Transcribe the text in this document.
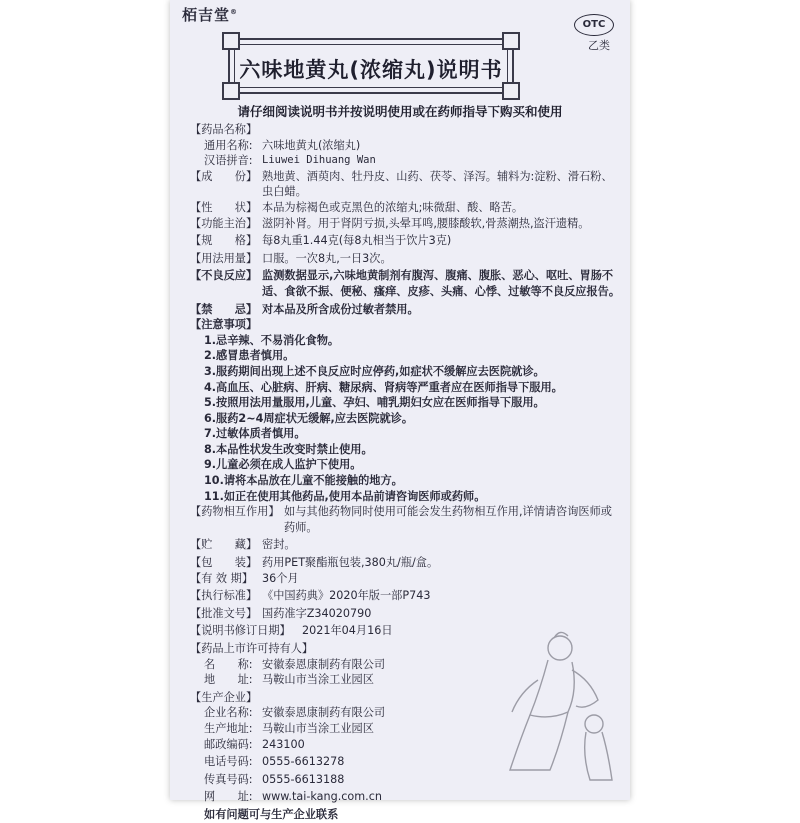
栢吉堂®
OTC
乙类
六味地黄丸(浓缩丸)说明书
请仔细阅读说明书并按说明使用或在药师指导下购买和使用
【药品名称】
通用名称: 六味地黄丸(浓缩丸)
汉语拼音: Liuwei Dihuang Wan
【成　　份】 熟地黄、酒萸肉、牡丹皮、山药、茯苓、泽泻。辅料为:淀粉、滑石粉、虫白蜡。
【性　　状】 本品为棕褐色或克黑色的浓缩丸;味微甜、酸、略苦。
【功能主治】 滋阴补肾。用于肾阴亏损,头晕耳鸣,腰膝酸软,骨蒸潮热,盗汗遗精。
【规　　格】 每8丸重1.44克(每8丸相当于饮片3克)
【用法用量】 口服。一次8丸,一日3次。
【不良反应】 监测数据显示,六味地黄制剂有腹泻、腹痛、腹胀、恶心、呕吐、胃肠不适、食欲不振、便秘、瘙痒、皮疹、头痛、心悸、过敏等不良反应报告。
【禁　　忌】 对本品及所含成份过敏者禁用。
【注意事项】
1.忌辛辣、不易消化食物。
2.感冒患者慎用。
3.服药期间出现上述不良反应时应停药,如症状不缓解应去医院就诊。
4.高血压、心脏病、肝病、糖尿病、肾病等严重者应在医师指导下服用。
5.按照用法用量服用,儿童、孕妇、哺乳期妇女应在医师指导下服用。
6.服药2~4周症状无缓解,应去医院就诊。
7.过敏体质者慎用。
8.本品性状发生改变时禁止使用。
9.儿童必须在成人监护下使用。
10.请将本品放在儿童不能接触的地方。
11.如正在使用其他药品,使用本品前请咨询医师或药师。
【药物相互作用】 如与其他药物同时使用可能会发生药物相互作用,详情请咨询医师或药师。
【贮　　藏】 密封。
【包　　装】 药用PET聚酯瓶包装,380丸/瓶/盒。
【有 效 期】 36个月
【执行标准】 《中国药典》2020年版一部P743
【批准文号】 国药准字Z34020790
【说明书修订日期】	2021年04月16日
【药品上市许可持有人】
名　　称: 安徽泰恩康制药有限公司
地　　址: 马鞍山市当涂工业园区
【生产企业】
企业名称: 安徽泰恩康制药有限公司
生产地址: 马鞍山市当涂工业园区
邮政编码: 243100
电话号码: 0555-6613278
传真号码: 0555-6613188
网　　址: www.tai-kang.com.cn
如有问题可与生产企业联系
